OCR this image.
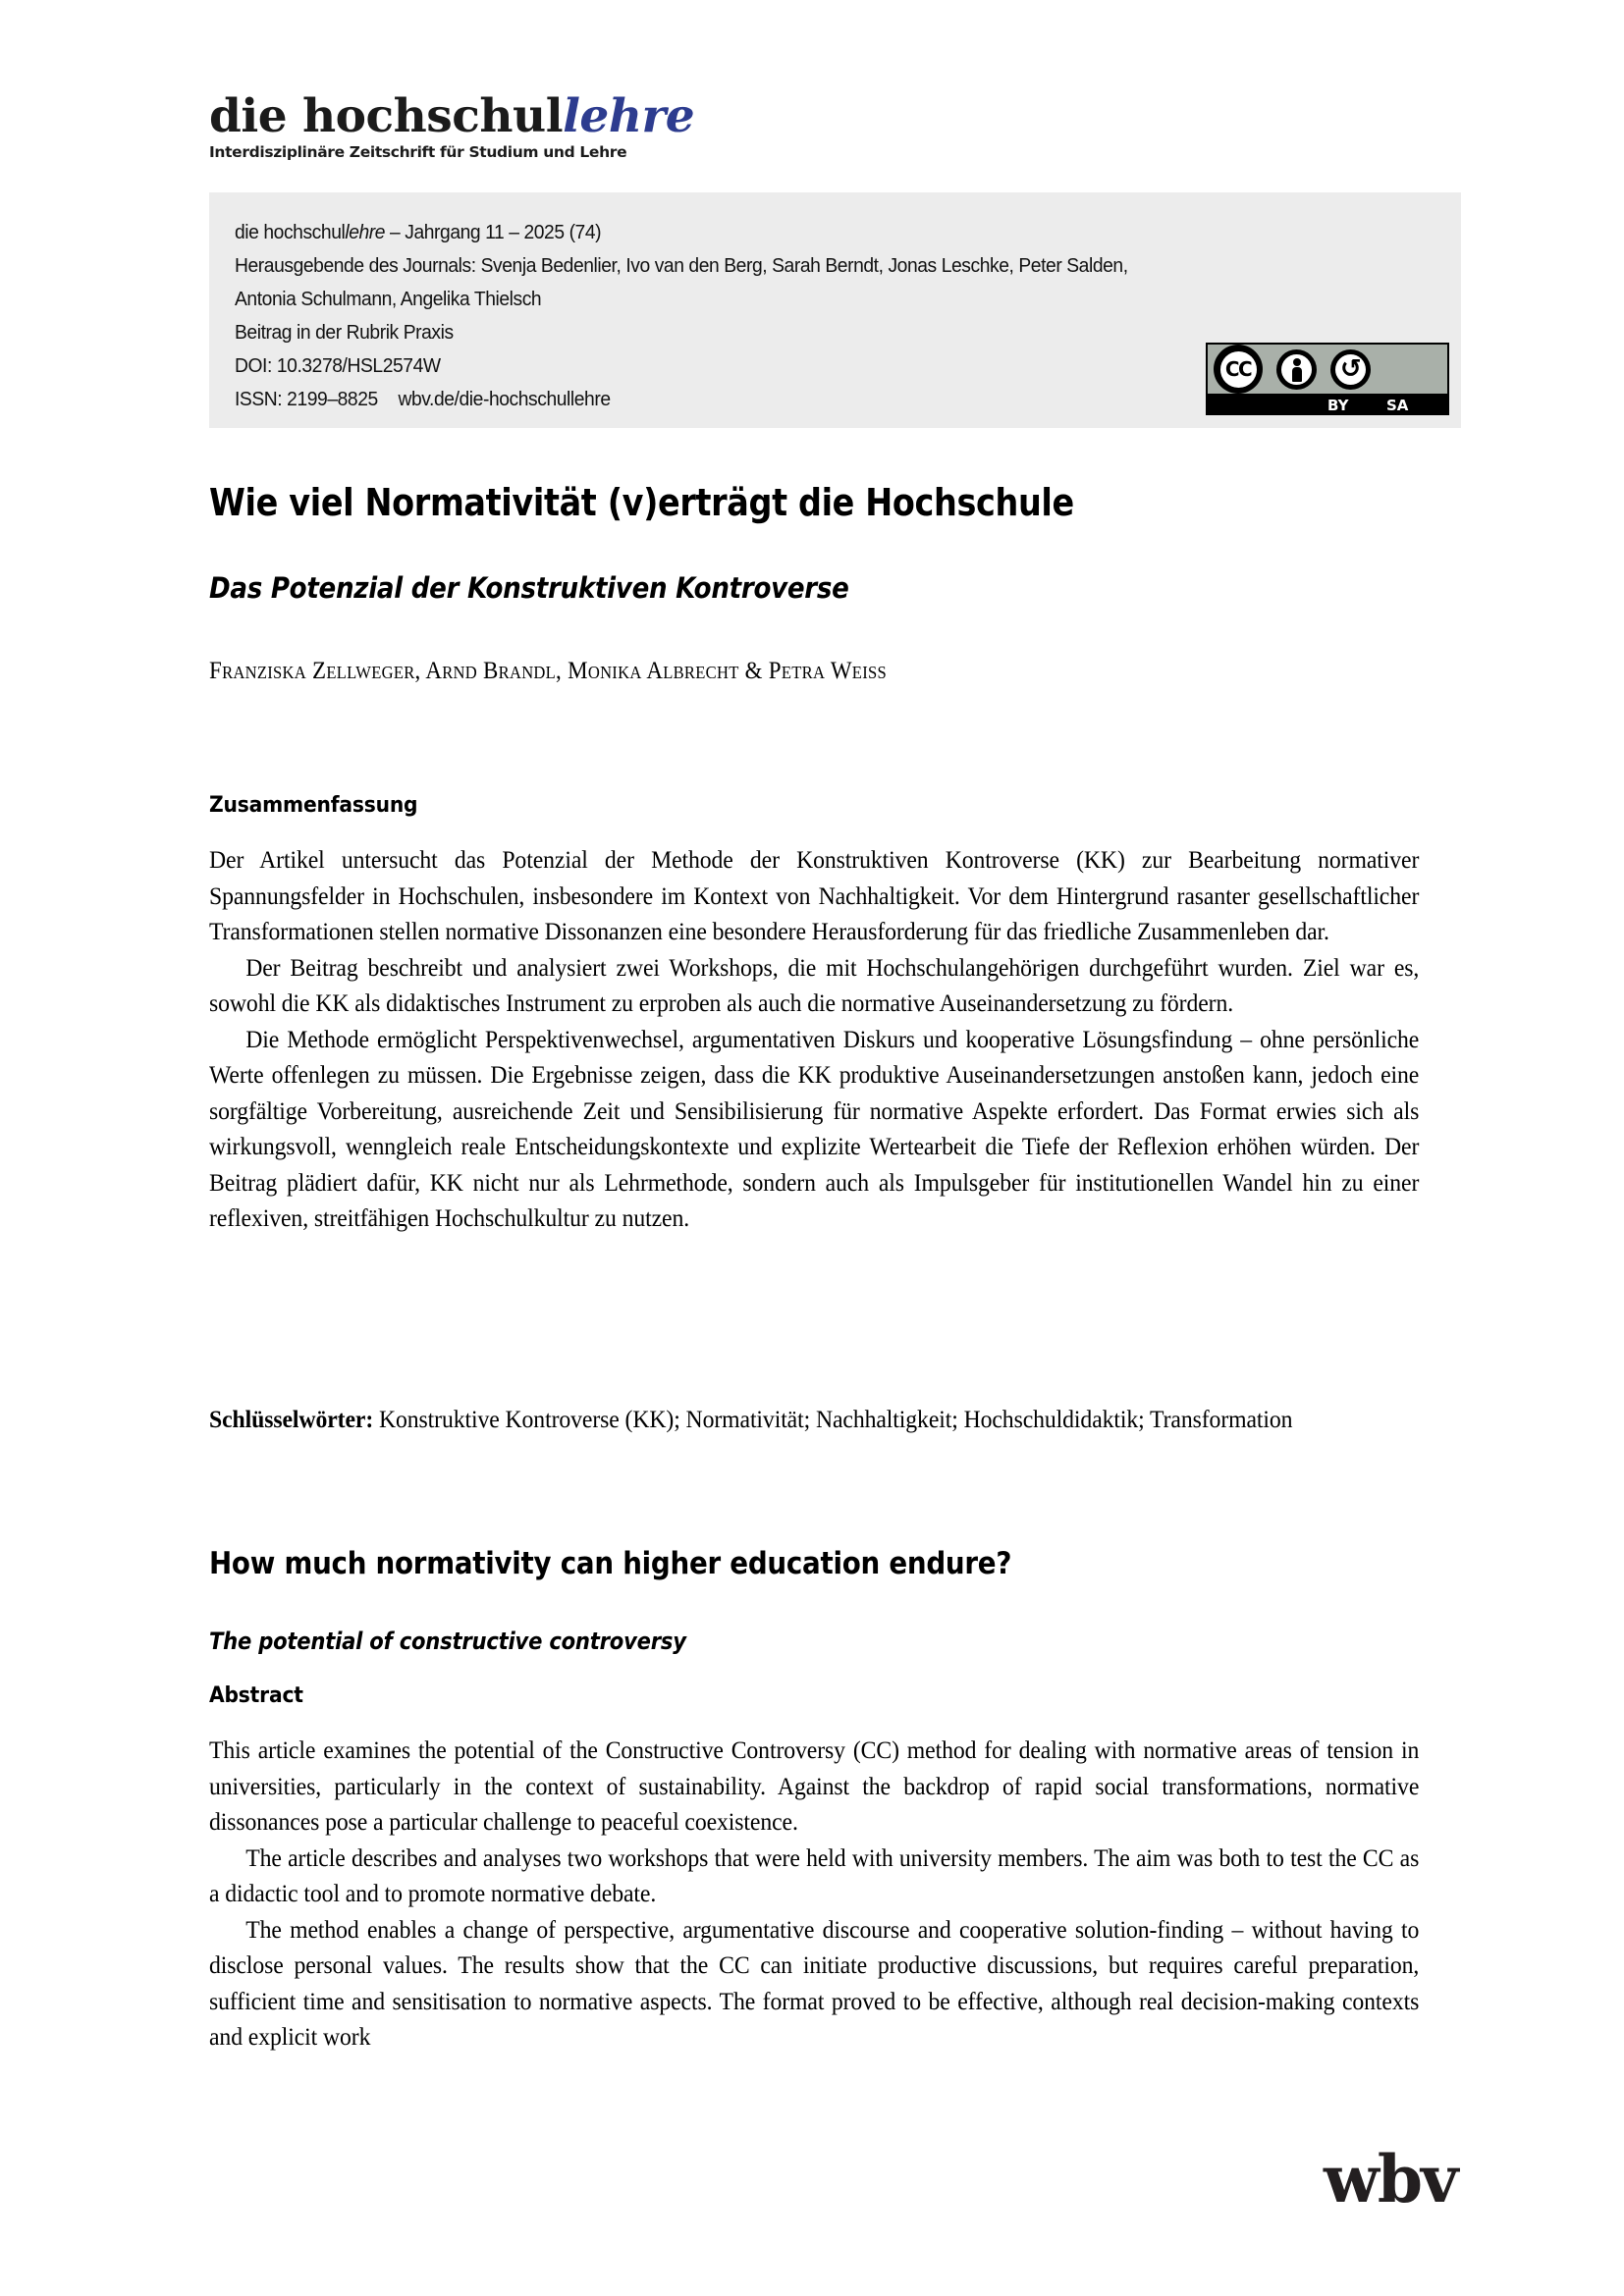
die hochschullehre
Interdisziplinäre Zeitschrift für Studium und Lehre
die hochschullehre – Jahrgang 11 – 2025 (74)
Herausgebende des Journals: Svenja Bedenlier, Ivo van den Berg, Sarah Berndt, Jonas Leschke, Peter Salden, Antonia Schulmann, Angelika Thielsch
Beitrag in der Rubrik Praxis
DOI: 10.3278/HSL2574W
ISSN: 2199–8825 wbv.de/die-hochschullehre
CC	↻
BY	SA
Wie viel Normativität (v)erträgt die Hochschule
Das Potenzial der Konstruktiven Kontroverse
Franziska Zellweger, Arnd Brandl, Monika Albrecht & Petra Weiss
Zusammenfassung

Der Artikel untersucht das Potenzial der Methode der Konstruktiven Kontroverse (KK) zur Bearbeitung normativer Spannungsfelder in Hochschulen, insbesondere im Kontext von Nachhaltigkeit. Vor dem Hintergrund rasanter gesellschaftlicher Transformationen stellen normative Dissonanzen eine besondere Herausforderung für das friedliche Zusammenleben dar.

Der Beitrag beschreibt und analysiert zwei Workshops, die mit Hochschulangehörigen durchgeführt wurden. Ziel war es, sowohl die KK als didaktisches Instrument zu erproben als auch die normative Auseinandersetzung zu fördern.

Die Methode ermöglicht Perspektivenwechsel, argumentativen Diskurs und kooperative Lösungsfindung – ohne persönliche Werte offenlegen zu müssen. Die Ergebnisse zeigen, dass die KK produktive Auseinandersetzungen anstoßen kann, jedoch eine sorgfältige Vorbereitung, ausreichende Zeit und Sensibilisierung für normative Aspekte erfordert. Das Format erwies sich als wirkungsvoll, wenngleich reale Entscheidungskontexte und explizite Wertearbeit die Tiefe der Reflexion erhöhen würden. Der Beitrag plädiert dafür, KK nicht nur als Lehrmethode, sondern auch als Impulsgeber für institutionellen Wandel hin zu einer reflexiven, streitfähigen Hochschulkultur zu nutzen.

Schlüsselwörter: Konstruktive Kontroverse (KK); Normativität; Nachhaltigkeit; Hochschuldidaktik; Transformation

How much normativity can higher education endure?
The potential of constructive controversy
Abstract

This article examines the potential of the Constructive Controversy (CC) method for dealing with normative areas of tension in universities, particularly in the context of sustainability. Against the backdrop of rapid social transformations, normative dissonances pose a particular challenge to peaceful coexistence.

The article describes and analyses two workshops that were held with university members. The aim was both to test the CC as a didactic tool and to promote normative debate.

The method enables a change of perspective, argumentative discourse and cooperative solution-finding – without having to disclose personal values. The results show that the CC can initiate productive discussions, but requires careful preparation, sufficient time and sensitisation to normative aspects. The format proved to be effective, although real decision-making contexts and explicit work

wbv
